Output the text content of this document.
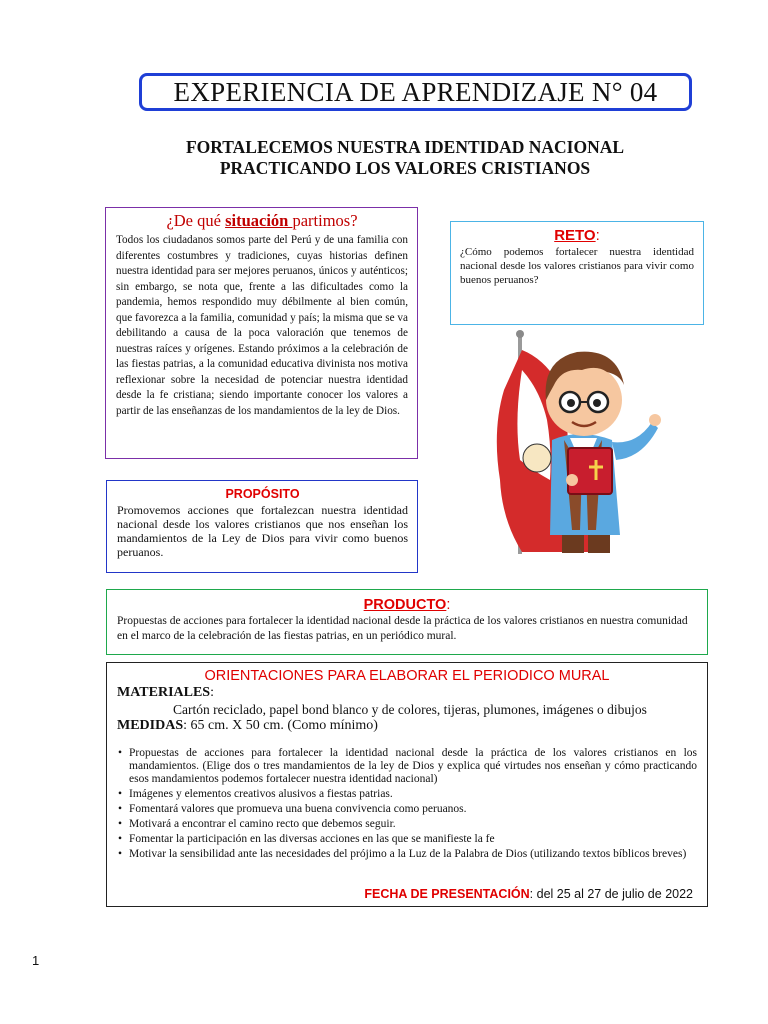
EXPERIENCIA DE APRENDIZAJE N° 04
FORTALECEMOS NUESTRA IDENTIDAD NACIONAL
PRACTICANDO LOS VALORES CRISTIANOS
¿De qué situación partimos?
Todos los ciudadanos somos parte del Perú y de una familia con diferentes costumbres y tradiciones, cuyas historias definen nuestra identidad para ser mejores peruanos, únicos y auténticos; sin embargo, se nota que, frente a las dificultades como la pandemia, hemos respondido muy débilmente al bien común, que favorezca a la familia, comunidad y país; la misma que se va debilitando a causa de la poca valoración que tenemos de nuestras raíces y orígenes. Estando próximos a la celebración de las fiestas patrias, a la comunidad educativa divinista nos motiva reflexionar sobre la necesidad de potenciar nuestra identidad desde la fe cristiana; siendo importante conocer los valores a partir de las enseñanzas de los mandamientos de la ley de Dios.
RETO:
¿Cómo podemos fortalecer nuestra identidad nacional desde los valores cristianos para vivir como buenos peruanos?
PROPÓSITO
Promovemos acciones que fortalezcan nuestra identidad nacional desde los valores cristianos que nos enseñan los mandamientos de la Ley de Dios para vivir como buenos peruanos.
PRODUCTO:
Propuestas de acciones para fortalecer la identidad nacional desde la práctica de los valores cristianos en nuestra comunidad en el marco de la celebración de las fiestas patrias, en un periódico mural.
ORIENTACIONES PARA ELABORAR EL PERIODICO MURAL
MATERIALES:
Cartón reciclado, papel bond blanco y de colores, tijeras, plumones, imágenes o dibujos
MEDIDAS: 65 cm. X 50 cm. (Como mínimo)
• Propuestas de acciones para fortalecer la identidad nacional desde la práctica de los valores cristianos en los mandamientos. (Elige dos o tres mandamientos de la ley de Dios y explica qué virtudes nos enseñan y cómo practicando esos mandamientos podemos fortalecer nuestra identidad nacional)
• Imágenes y elementos creativos alusivos a fiestas patrias.
• Fomentará valores que promueva una buena convivencia como peruanos.
• Motivará a encontrar el camino recto que debemos seguir.
• Fomentar la participación en las diversas acciones en las que se manifieste la fe
• Motivar la sensibilidad ante las necesidades del prójimo a la Luz de la Palabra de Dios (utilizando textos bíblicos breves)
FECHA DE PRESENTACIÓN: del 25 al 27 de julio de 2022
1
